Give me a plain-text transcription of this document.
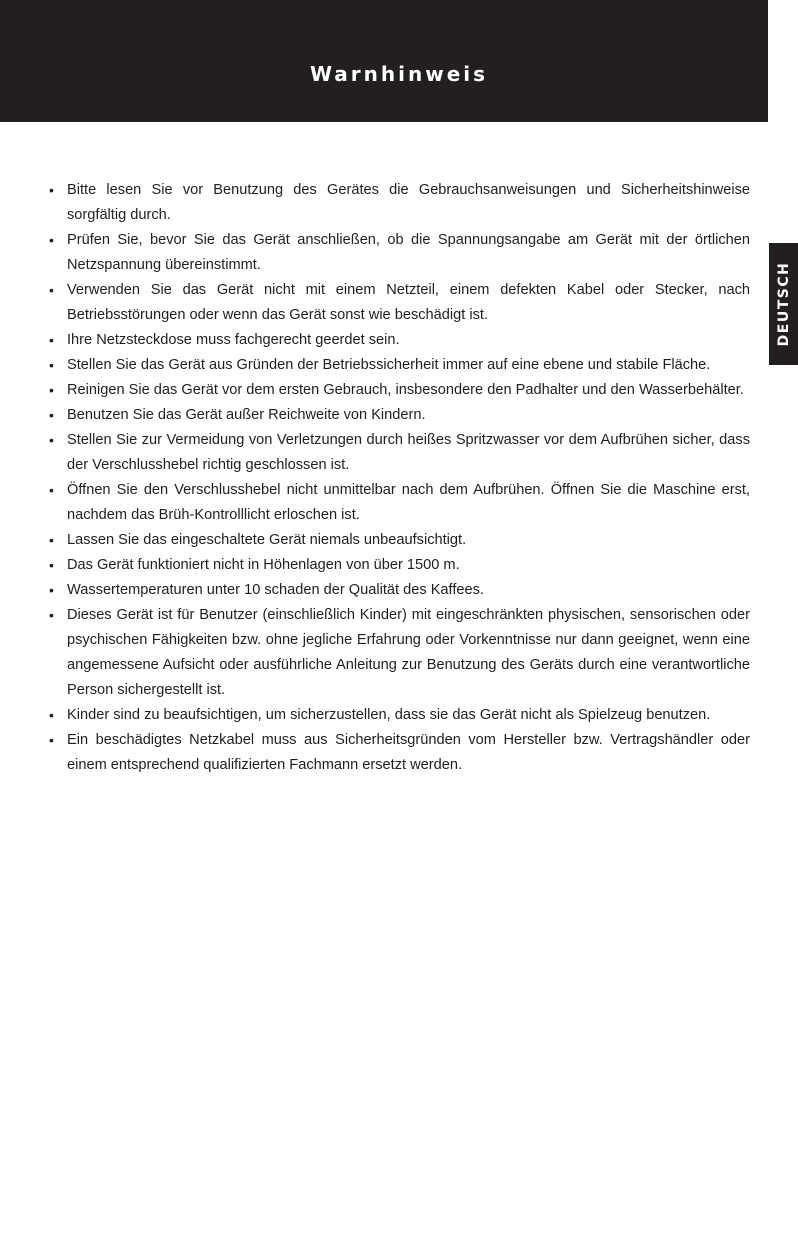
Warnhinweis
DEUTSCH
• Bitte lesen Sie vor Benutzung des Gerätes die Gebrauchsanweisungen und Sicherheitshinweise sorgfältig durch.
• Prüfen Sie, bevor Sie das Gerät anschließen, ob die Spannungsangabe am Gerät mit der örtlichen Netzspannung übereinstimmt.
• Verwenden Sie das Gerät nicht mit einem Netzteil, einem defekten Kabel oder Stecker, nach Betriebsstörungen oder wenn das Gerät sonst wie beschädigt ist.
• Ihre Netzsteckdose muss fachgerecht geerdet sein.
• Stellen Sie das Gerät aus Gründen der Betriebssicherheit immer auf eine ebene und stabile Fläche.
• Reinigen Sie das Gerät vor dem ersten Gebrauch, insbesondere den Padhalter und den Wasserbehälter.
• Benutzen Sie das Gerät außer Reichweite von Kindern.
• Stellen Sie zur Vermeidung von Verletzungen durch heißes Spritzwasser vor dem Aufbrühen sicher, dass der Verschlusshebel richtig geschlossen ist.
• Öffnen Sie den Verschlusshebel nicht unmittelbar nach dem Aufbrühen. Öffnen Sie die Maschine erst, nachdem das Brüh-Kontrolllicht erloschen ist.
• Lassen Sie das eingeschaltete Gerät niemals unbeaufsichtigt.
• Das Gerät funktioniert nicht in Höhenlagen von über 1500 m.
• Wassertemperaturen unter 10 schaden der Qualität des Kaffees.
• Dieses Gerät ist für Benutzer (einschließlich Kinder) mit eingeschränkten physischen, sensorischen oder psychischen Fähigkeiten bzw. ohne jegliche Erfahrung oder Vorkenntnisse nur dann geeignet, wenn eine angemessene Aufsicht oder ausführliche Anleitung zur Benutzung des Geräts durch eine verantwortliche Person sichergestellt ist.
• Kinder sind zu beaufsichtigen, um sicherzustellen, dass sie das Gerät nicht als Spielzeug benutzen.
• Ein beschädigtes Netzkabel muss aus Sicherheitsgründen vom Hersteller bzw. Vertragshändler oder einem entsprechend qualifizierten Fachmann ersetzt werden.
